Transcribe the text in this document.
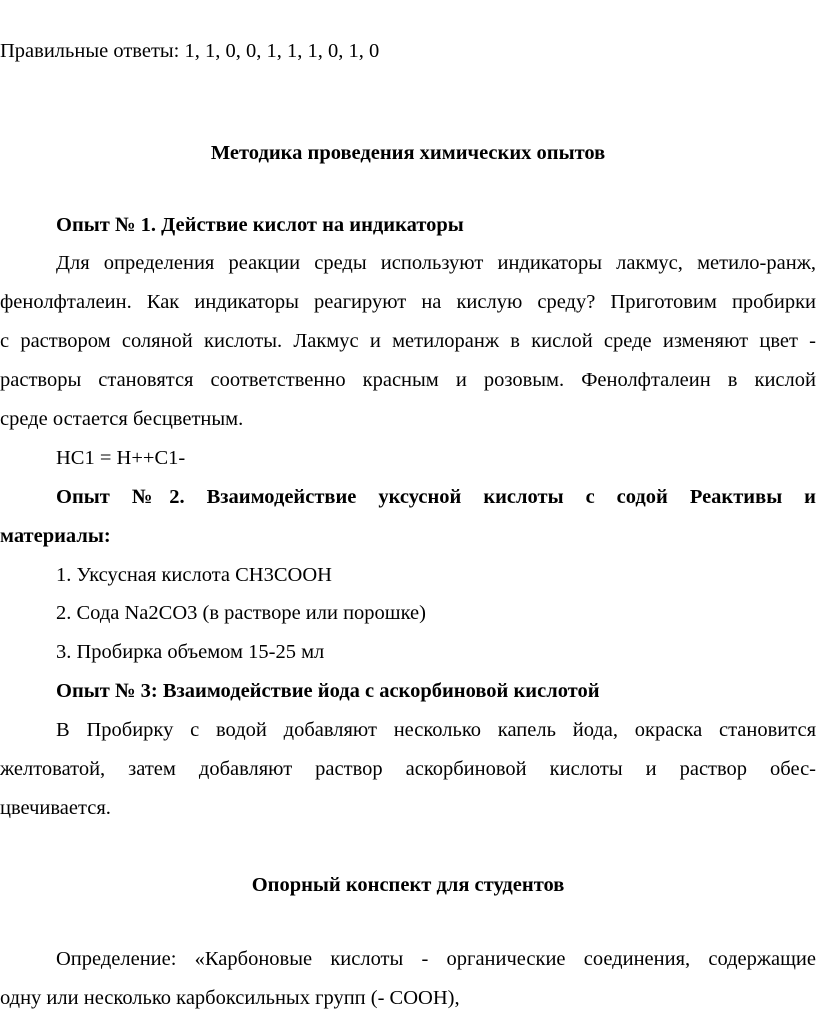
Правильные ответы: 1, 1, 0, 0, 1, 1, 1, 0, 1, 0

Методика проведения химических опытов

Опыт № 1. Действие кислот на индикаторы

Для определения реакции среды используют индикаторы лакмус, метило-ранж,

фенолфталеин. Как индикаторы реагируют на кислую среду? Приготовим пробирки

с раствором соляной кислоты. Лакмус и метилоранж в кислой среде изменяют цвет -

растворы становятся соответственно красным и розовым. Фенолфталеин в кислой

среде остается бесцветным.

HC1 = H++C1-

Опыт №2. Взаимодействие уксусной кислоты с содой Реактивы и

материалы:

1. Уксусная кислота CH3COOH

2. Сода Na2CO3 (в растворе или порошке)

3. Пробирка объемом 15-25 мл

Опыт № 3: Взаимодействие йода с аскорбиновой кислотой

В Пробирку с водой добавляют несколько капель йода, окраска становится

желтоватой, затем добавляют раствор аскорбиновой кислоты и раствор обес-

цвечивается.

Опорный конспект для студентов

Определение: «Карбоновые кислоты - органические соединения, содержащие

одну или несколько карбоксильных групп (- COOH),
